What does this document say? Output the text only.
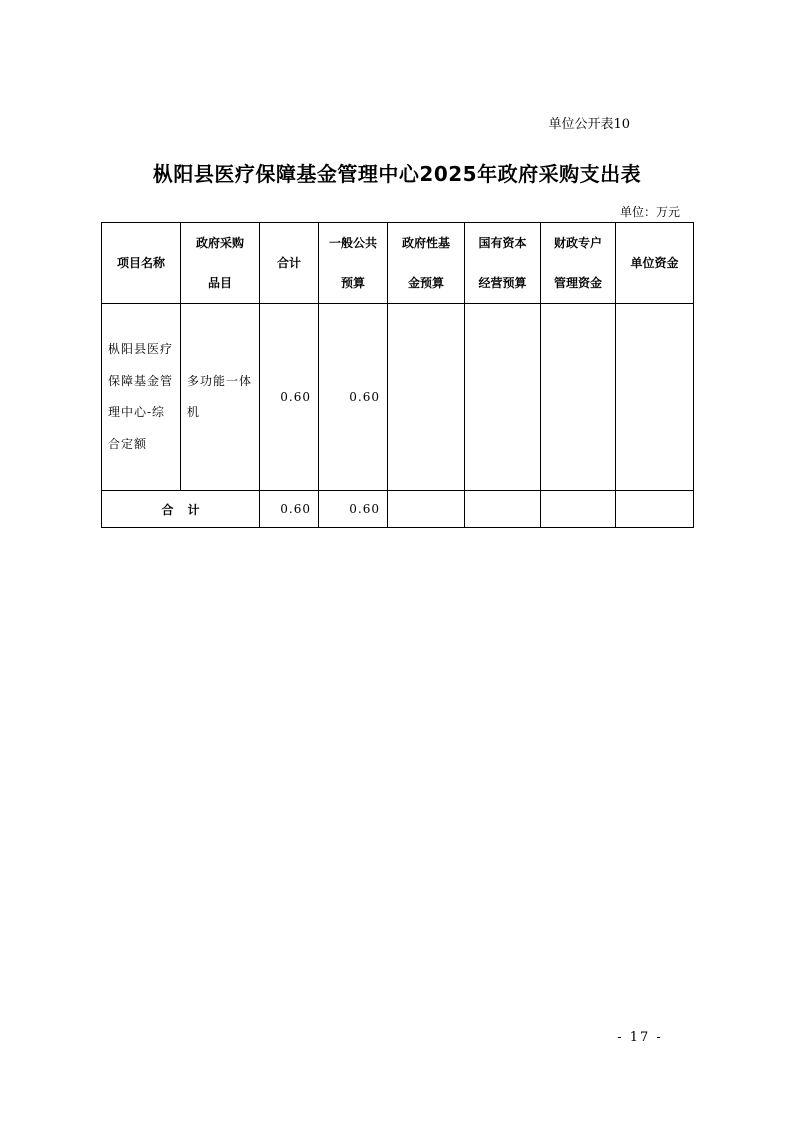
单位公开表10
枞阳县医疗保障基金管理中心2025年政府采购支出表
单位：万元
项目名称	政府采购品目	合计	一般公共预算	政府性基金预算	国有资本经营预算	财政专户管理资金	单位资金
枞阳县医疗保障基金管理中心-综合定额	多功能一体机	0.60	0.60				
合计		0.60	0.60				
- 17 -
